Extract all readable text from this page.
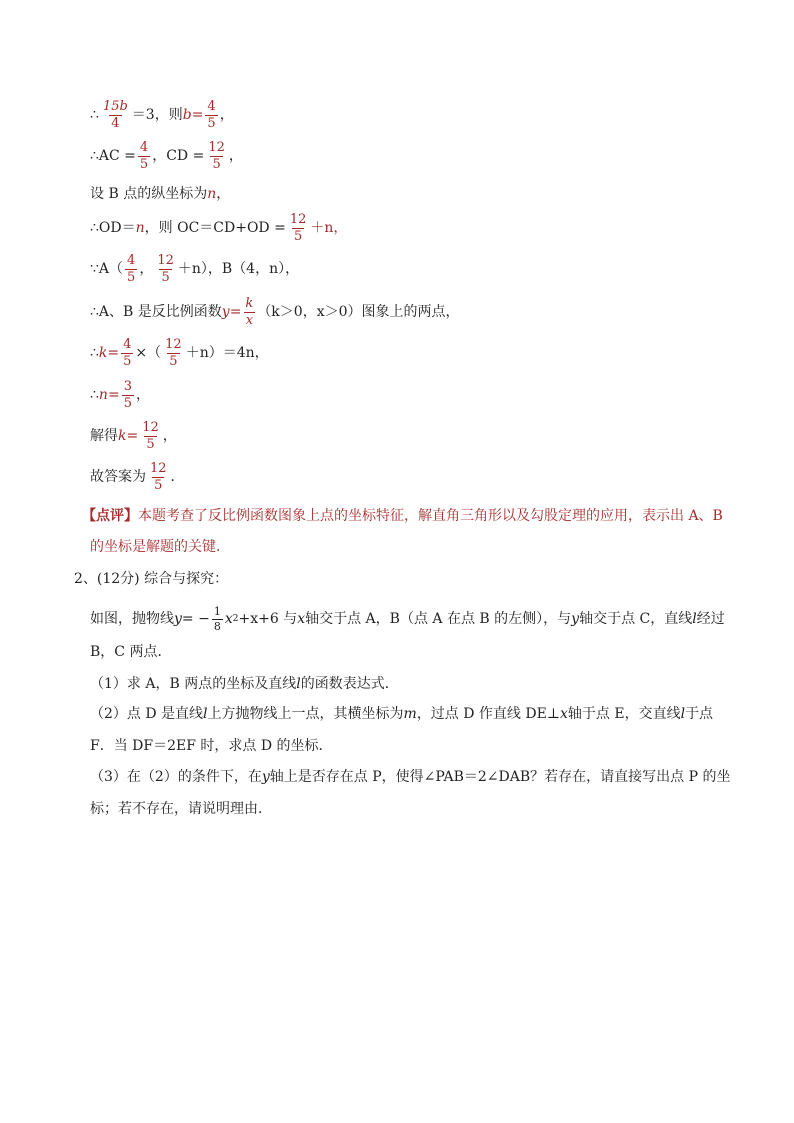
∴ $\frac{15b}{4} =3$，则 $b = \frac{4}{5}$ ，
∴AC = $\frac{4}{5}$ ，CD = $\frac{12}{5}$ ，
设 B 点的纵坐标为 n ，
∴OD＝ n ，则 $OC=CD+OD = \frac{12}{5} +n$，
∵A（ $\frac{4}{5}$ ， $\frac{12}{5} +n$），B（4，n），
∴A、B 是反比例函数 $y = \frac{k}{x} (k>0$，x＞0）图象上的两点，
∴ $k = \frac{4}{5}$ ×（ $\frac{12}{5} +n)=4n$，
∴ $n = \frac{3}{5}$ ，
解得 $k = \frac{12}{5}$ ，
故答案为 $\frac{12}{5}$ ．
【点评】 本题考查了反比例函数图象上点的坐标特征，解直角三角形以及勾股定理的应用，表示出 A、B
的坐标是解题的关键．
2、(12分) 综合与探究：
如图，抛物线 y = − $\frac{1}{8}$ x 2 +x+6 与 x 轴交于点 A，B（点 A 在点 B 的左侧），与 y 轴交于点 C，直线 l 经过
B，C 两点．
（1）求 A，B 两点的坐标及直线 l 的函数表达式．
（2）点 D 是直线 l 上方抛物线上一点，其横坐标为 m ，过点 D 作直线 DE⊥ x 轴于点 E，交直线 l 于点
F．当 DF＝2EF 时，求点 D 的坐标．
（3）在（2）的条件下，在 y 轴上是否存在点 P，使得∠PAB＝2∠DAB？若存在，请直接写出点 P 的坐
标；若不存在，请说明理由．
